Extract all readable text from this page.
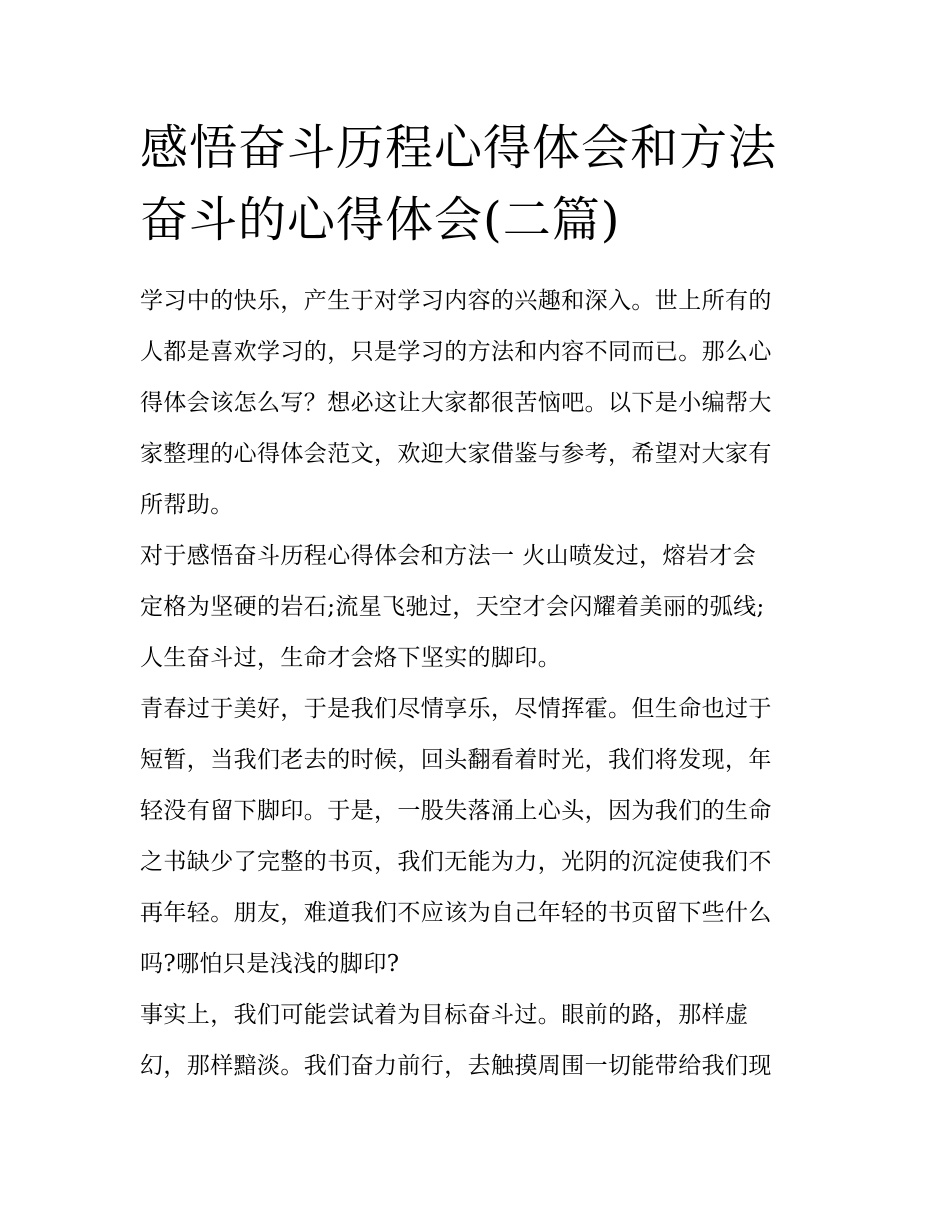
感悟奋斗历程心得体会和方法
奋斗的心得体会(二篇)
学习中的快乐，产生于对学习内容的兴趣和深入。世上所有的
人都是喜欢学习的，只是学习的方法和内容不同而已。那么心
得体会该怎么写？想必这让大家都很苦恼吧。以下是小编帮大
家整理的心得体会范文，欢迎大家借鉴与参考，希望对大家有
所帮助。
对于感悟奋斗历程心得体会和方法一 火山喷发过，熔岩才会
定格为坚硬的岩石;流星飞驰过，天空才会闪耀着美丽的弧线;
人生奋斗过，生命才会烙下坚实的脚印。
青春过于美好，于是我们尽情享乐，尽情挥霍。但生命也过于
短暂，当我们老去的时候，回头翻看着时光，我们将发现，年
轻没有留下脚印。于是，一股失落涌上心头，因为我们的生命
之书缺少了完整的书页，我们无能为力，光阴的沉淀使我们不
再年轻。朋友，难道我们不应该为自己年轻的书页留下些什么
吗?哪怕只是浅浅的脚印?
事实上，我们可能尝试着为目标奋斗过。眼前的路，那样虚
幻，那样黯淡。我们奋力前行，去触摸周围一切能带给我们现
